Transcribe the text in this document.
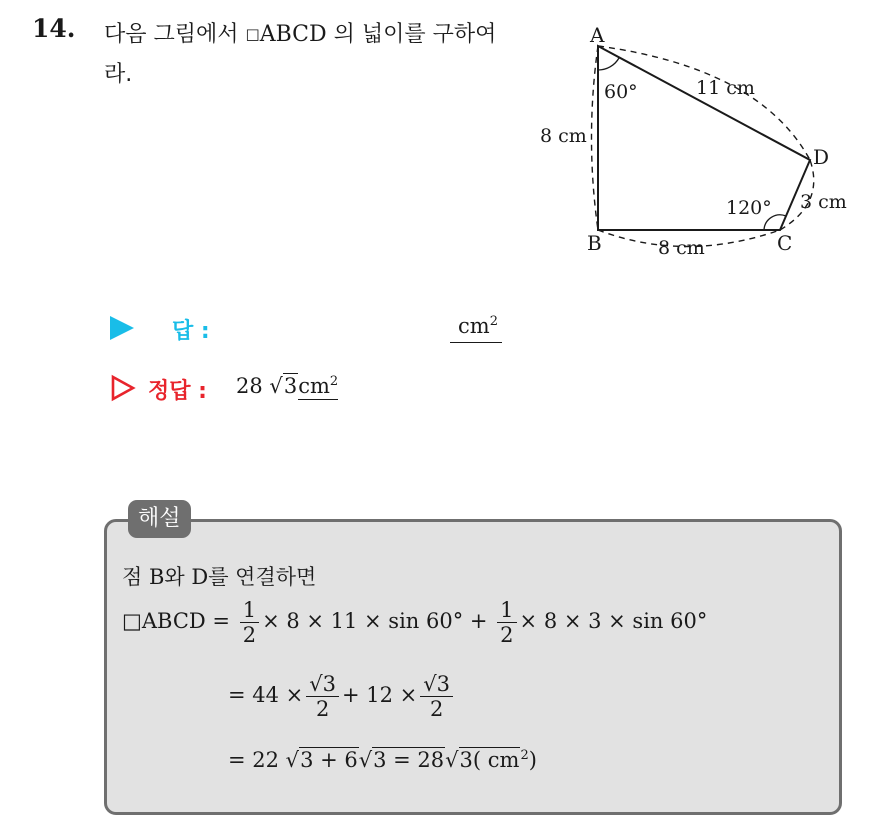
14. 다음 그림에서 □ABCD 의 넓이를 구하여라.
A
B	C
D
60°	11 cm
8 cm
8 cm
120° 3 cm
답 :	$cm^2$
정답 : 28 $√3cm^2$
해설
점 B와 D를 연결하면
□ABCD = $\frac{1}{2} \times 8 \times 11 \times \sin 60^\circ + \frac{1}{2} \times 8 \times 3 \times \sin 60^\circ$
= $44 \times \frac{√3}{2} + 12 \times \frac{√3}{2}$
= 22 √3 + 6√3 = 28√3( $cm^2$)
